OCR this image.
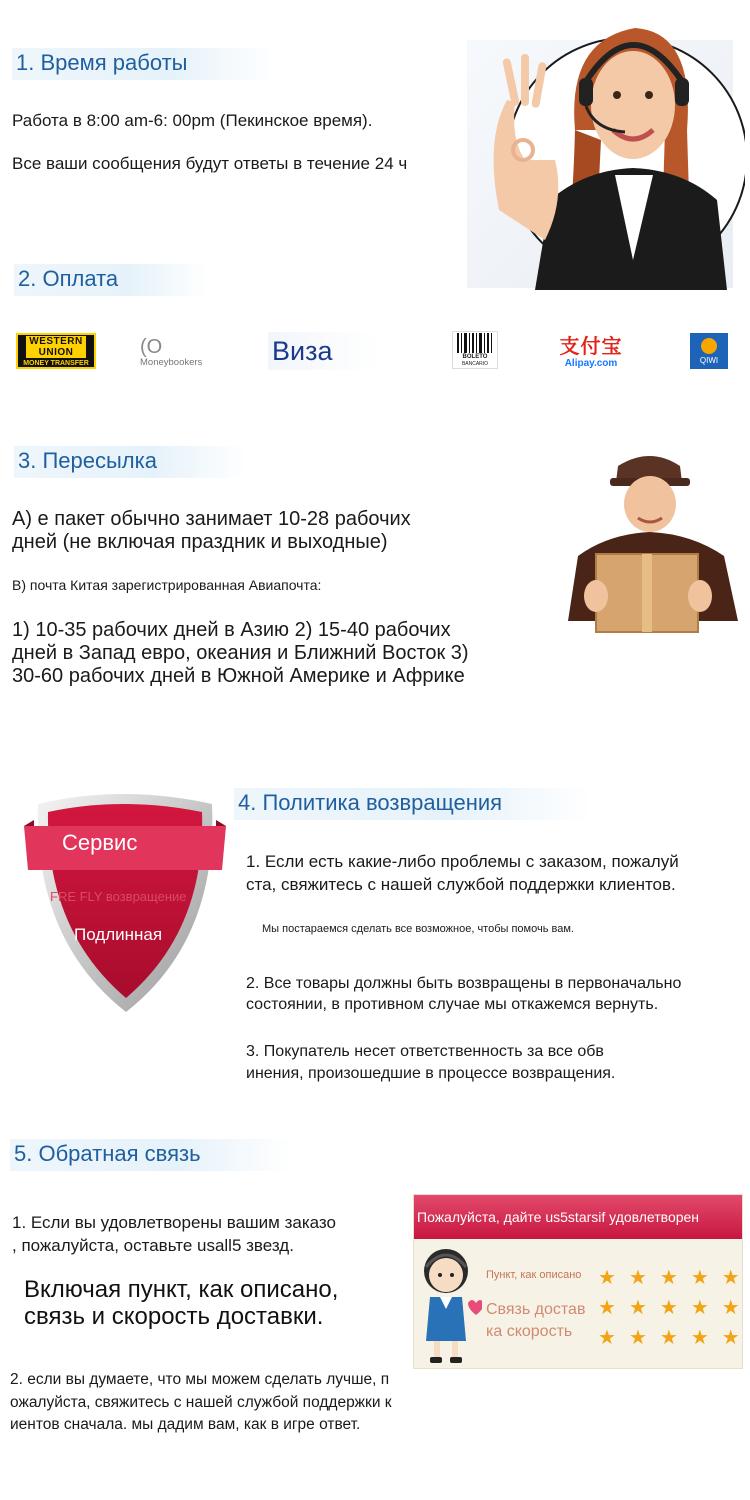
1. Время работы
Работа в 8:00 am-6: 00pm (Пекинское время).
Все ваши сообщения будут ответы в течение 24 ч
2. Оплата
WESTERN
UNION
MONEY TRANSFER
(O
Moneybookers	Виза	BOLETO
BANCARIO
支付宝
Alipay.com	QIWI
3. Пересылка
А) е пакет обычно занимает 10-28 рабочих
дней (не включая праздник и выходные)
В) почта Китая зарегистрированная Авиапочта:
1) 10-35 рабочих дней в Азию 2) 15-40 рабочих
дней в Запад евро, океания и Ближний Восток 3)
30-60 рабочих дней в Южной Америке и Африке
Сервис
FRE FLY возвращение
Подлинная
4. Политика возвращения
1. Если есть какие-либо проблемы с заказом, пожалуй
ста, свяжитесь с нашей службой поддержки клиентов.
Мы постараемся сделать все возможное, чтобы помочь вам.
2. Все товары должны быть возвращены в первоначально
состоянии, в противном случае мы откажемся вернуть.
3. Покупатель несет ответственность за все обв
инения, произошедшие в процессе возвращения.
5. Обратная связь
1. Если вы удовлетворены вашим заказо
, пожалуйста, оставьте usall5 звезд.
Включая пункт, как описано,
связь и скорость доставки.
2. если вы думаете, что мы можем сделать лучше, п
ожалуйста, свяжитесь с нашей службой поддержки к
иентов сначала. мы дадим вам, как в игре ответ.
Пожалуйста, дайте us5starsif удовлетворен
Пункт, как описано
Связь достав
ка скорость
★ ★ ★ ★ ★
★ ★ ★ ★ ★
★ ★ ★ ★ ★
